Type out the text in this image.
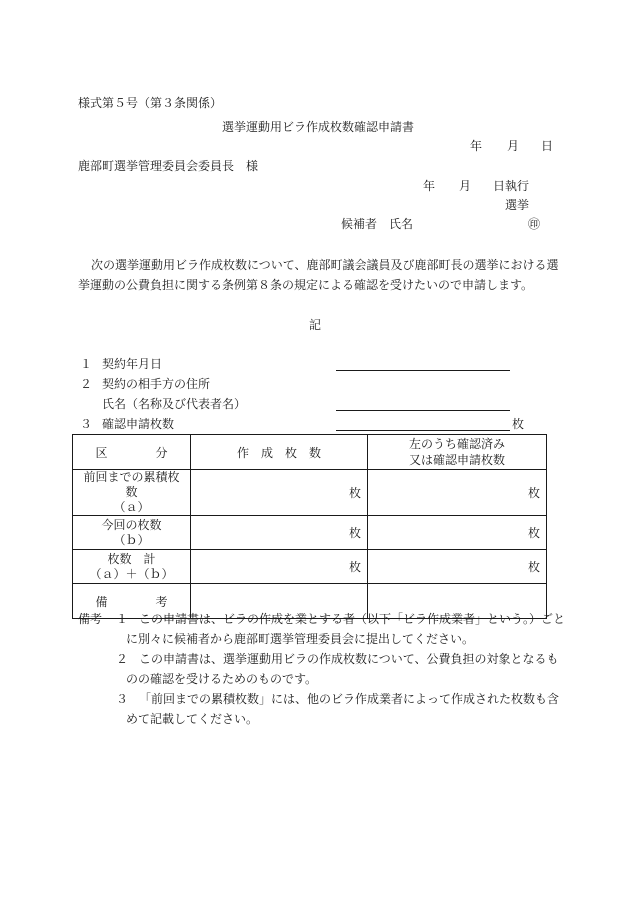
様式第５号（第３条関係）
選挙運動用ビラ作成枚数確認申請書
年 月 日
鹿部町選挙管理委員会委員長　様
年 月 日執行
選挙
候補者　氏名	㊞
次の選挙運動用ビラ作成枚数について、鹿部町議会議員及び鹿部町長の選挙における選
挙運動の公費負担に関する条例第８条の規定による確認を受けたいので申請します。
記
１ 契約年月日
２ 契約の相手方の住所
氏名（名称及び代表者名）
３ 確認申請枚数	枚
区　　　　分	作　成　枚　数	左のうち確認済み
又は確認申請枚数

前回までの累積枚数
（ａ）	枚	枚

今回の枚数
（ｂ）	枚	枚

枚数　計
（ａ）＋（ｂ）	枚	枚
備　　　　考		
備考 １ この申請書は、ビラの作成を業とする者（以下「ビラ作成業者」という。）ごと
に別々に候補者から鹿部町選挙管理委員会に提出してください。
２ この申請書は、選挙運動用ビラの作成枚数について、公費負担の対象となるも
のの確認を受けるためのものです。
３ 「前回までの累積枚数」には、他のビラ作成業者によって作成された枚数も含
めて記載してください。
